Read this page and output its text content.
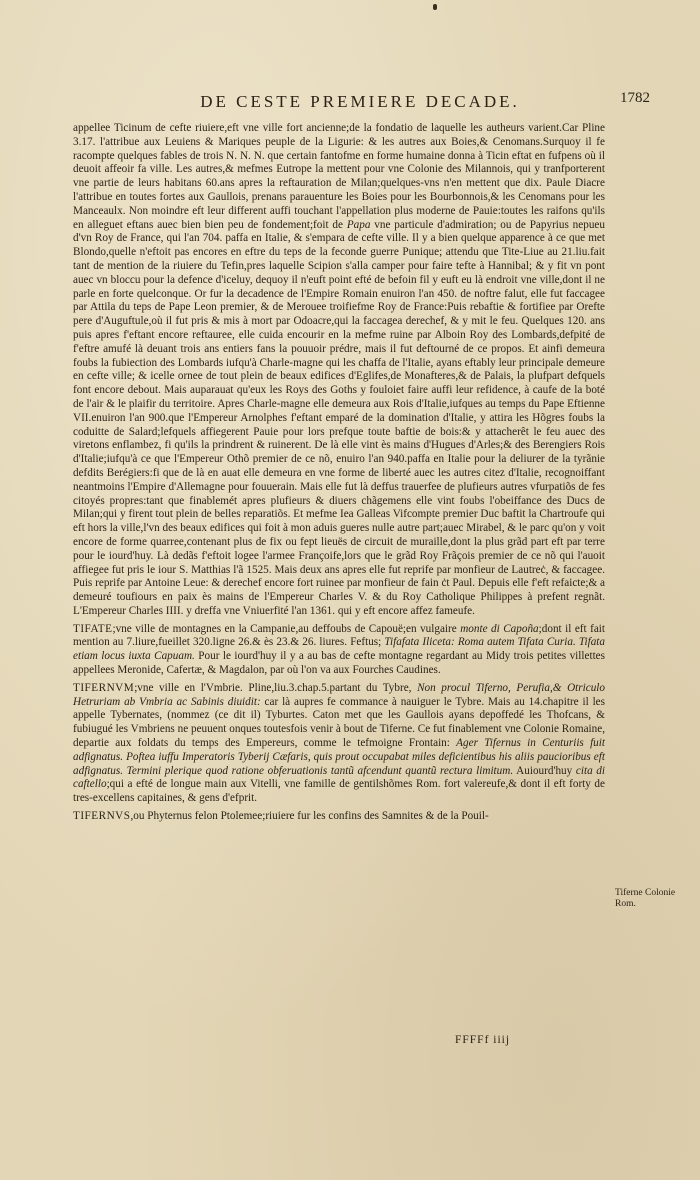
DE CESTE PREMIERE DECADE.	1782

appellee Ticinum de cefte riuiere,eft vne ville fort ancienne;de la fondatio de laquelle les autheurs varient.Car Pline 3.17. l'attribue aux Leuiens & Mariques peuple de la Ligurie: & les autres aux Boies,& Cenomans.Surquoy il fe racompte quelques fables de trois N. N. N. que certain fantofme en forme humaine donna à Ticin eftat en fufpens où il deuoit affeoir fa ville. Les autres,& mefmes Eutrope la mettent pour vne Colonie des Milannois, qui y tranfporterent vne partie de leurs habitans 60.ans apres la reftauration de Milan;quelques-vns n'en mettent que dix. Paule Diacre l'attribue en toutes fortes aux Gaullois, prenans parauenture les Boies pour les Bourbonnois,& les Cenomans pour les Manceaulx. Non moindre eft leur different auffi touchant l'appellation plus moderne de Pauie:toutes les raifons qu'ils en alleguet eftans auec bien bien peu de fondement;foit de Papa vne particule d'admiration; ou de Papyrius nepueu d'vn Roy de France, qui l'an 704. paffa en Italie, & s'empara de cefte ville. Il y a bien quelque apparence à ce que met Blondo,quelle n'eftoit pas encores en eftre du teps de la feconde guerre Punique; attendu que Tite-Liue au 21.liu.fait tant de mention de la riuiere du Tefin,pres laquelle Scipion s'alla camper pour faire tefte à Hannibal; & y fit vn pont auec vn bloccu pour la defence d'iceluy, dequoy il n'euft point efté de befoin fil y euft eu là endroit vne ville,dont il ne parle en forte quelconque. Or fur la decadence de l'Empire Romain enuiron l'an 450. de noftre falut, elle fut faccagee par Attila du teps de Pape Leon premier, & de Merouee troifiefme Roy de France:Puis rebaftie & fortifiee par Orefte pere d'Auguftule,où il fut pris & mis à mort par Odoacre,qui la faccagea derechef, & y mit le feu. Quelques 120. ans puis apres f'eftant encore reftauree, elle cuida encourir en la mefme ruine par Alboin Roy des Lombards,defpité de f'eftre amufé là deuant trois ans entiers fans la pouuoir prédre, mais il fut deftourné de ce propos. Et ainfi demeura foubs la fubiection des Lombards iufqu'à Charle-magne qui les chaffa de l'Italie, ayans eftably leur principale demeure en cefte ville; & icelle ornee de tout plein de beaux edifices d'Eglifes,de Monafteres,& de Palais, la plufpart defquels font encore debout. Mais auparauat qu'eux les Roys des Goths y fouloiet faire auffi leur refidence, à caufe de la boté de l'air & le plaifir du territoire. Apres Charle-magne elle demeura aux Rois d'Italie,iufques au temps du Pape Eftienne VII.enuiron l'an 900.que l'Empereur Arnolphes f'eftant emparé de la domination d'Italie, y attira les Hõgres foubs la coduitte de Salard;lefquels affiegerent Pauie pour lors prefque toute baftie de bois:& y attacherêt le feu auec des viretons enflambez, fi qu'ils la prindrent & ruinerent. De là elle vint ès mains d'Hugues d'Arles;& des Berengiers Rois d'Italie;iufqu'à ce que l'Empereur Othõ premier de ce nõ, enuiro l'an 940.paffa en Italie pour la deliurer de la tyrãnie defdits Berégiers:fi que de là en auat elle demeura en vne forme de liberté auec les autres citez d'Italie, recognoiffant neantmoins l'Empire d'Allemagne pour fouuerain. Mais elle fut là deffus trauerfee de plufieurs autres vfurpatiõs de fes citoyés propres:tant que finablemét apres plufieurs & diuers chãgemens elle vint foubs l'obeiffance des Ducs de Milan;qui y firent tout plein de belles reparatiõs. Et mefme Iea Galleas Vifcompte premier Duc baftit la Chartroufe qui eft hors la ville,l'vn des beaux edifices qui foit à mon aduis gueres nulle autre part;auec Mirabel, & le parc qu'on y voit encore de forme quarree,contenant plus de fix ou fept lieuës de circuit de muraille,dont la plus grãd part eft par terre pour le iourd'huy. Là dedãs f'eftoit logee l'armee Françoife,lors que le grãd Roy Frãçois premier de ce nõ qui l'auoit affiegee fut pris le iour S. Matthias l'ã 1525. Mais deux ans apres elle fut reprife par monfieur de Lautreċ, & faccagee. Puis reprife par Antoine Leue: & derechef encore fort ruinee par monfieur de fain ċt Paul. Depuis elle f'eft refaicte;& a demeuré toufiours en paix ès mains de l'Empereur Charles V. & du Roy Catholique Philippes à prefent regnãt. L'Empereur Charles IIII. y dreffa vne Vniuerfité l'an 1361. qui y eft encore affez fameufe.

TIFATE;vne ville de montagnes en la Campanie,au deffoubs de Capouë;en vulgaire monte di Capoña;dont il eft fait mention au 7.liure,fueillet 320.ligne 26.& ès 23.& 26. liures. Feftus; Tifafata Iliceta: Roma autem Tifata Curia. Tifata etiam locus iuxta Capuam. Pour le iourd'huy il y a au bas de cefte montagne regardant au Midy trois petites villettes appellees Meronide, Cafertæ, & Magdalon, par où l'on va aux Fourches Caudines.

TIFERNVM;vne ville en l'Vmbrie. Pline,liu.3.chap.5.partant du Tybre, Non procul Tiferno, Perufia,& Otriculo Hetruriam ab Vmbria ac Sabinis diuidit: car là aupres fe commance à nauiguer le Tybre. Mais au 14.chapitre il les appelle Tybernates, (nommez (ce dit il) Tyburtes. Caton met que les Gaullois ayans depoffedé les Thofcans, & fubiugué les Vmbriens ne peuuent onques toutesfois venir à bout de Tiferne. Ce fut finablement vne Colonie Romaine, departie aux foldats du temps des Empereurs, comme le tefmoigne Frontain: Ager Tifernus in Centuriis fuit adfignatus. Poftea iuffu Imperatoris Tyberij Cæfaris, quis prout occupabat miles deficientibus his aliis paucioribus eft adfignatus. Termini plerique quod ratione obferuationis tantũ afcendunt quantũ rectura limitum. Auiourd'huy cita di caftello;qui a efté de longue main aux Vitelli, vne famille de gentilshõmes Rom. fort valereufe,& dont il eft forty de tres-excellens capitaines, & gens d'efprit.

TIFERNVS,ou Phyternus felon Ptolemee;riuiere fur les confins des Samnites & de la Pouil-

Tiferne Colonie Rom.
FFFFf iiij
